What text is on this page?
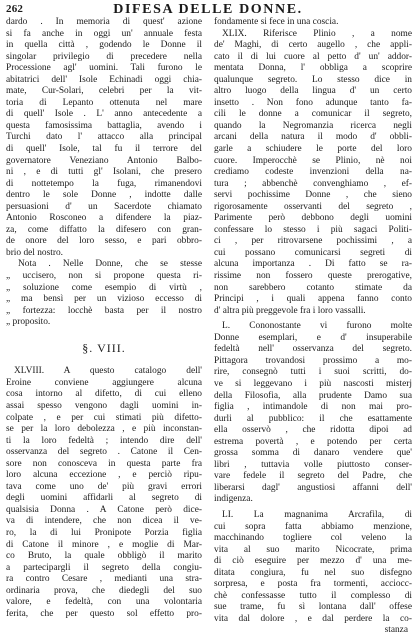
262	DIFESA DELLE DONNE.
dardo . In memoria di quest' azione
si fa anche in oggi un' annuale festa
in quella città , godendo le Donne il
singolar privilegio di precedere nella
Processione agl' uomini. Tali furono le
abitatrici dell' Isole Echinadi oggi chia-
mate, Cur-Solari, celebri per la vit-
toria di Lepanto ottenuta nel mare
di quell' Isole . L' anno antecedente a
questa famosissima battaglia, avendo i
Turchi dato l' attacco alla principal
di quell' Isole, tal fu il terrore del
governatore Veneziano Antonio Balbo-
ni , e di tutti gl' Isolani, che presero
di nottetempo la fuga, rimanendovi
dentro le sole Donne , indotte dalle
persuasioni d' un Sacerdote chiamato
Antonio Rosconeo a difendere la piaz-
za, come diffatto la difesero con gran-
de onore del loro sesso, e pari obbro-
brio del nostro.
Nota . Nelle Donne, che se stesse
„ uccisero, non si propone questa ri-
„ soluzione come esempio di virtù ,
„ ma bensì per un vizioso eccesso di
„ fortezza: locchè basta per il nostro
„ proposito.
§. VIII.
XLVIII. A questo catalogo dell'
Eroine conviene aggiungere alcuna
cosa intorno al difetto, di cui elleno
assai spesso vengono dagli uomini in-
colpate , e per cui stimati più difetto-
se per la loro debolezza , e più inconstan-
ti la loro fedeltà ; intendo dire dell'
osservanza del segreto . Catone il Cen-
sore non conosceva in questa parte fra
loro alcuna eccezione , e perciò ripu-
tava come uno de' più gravi errori
degli uomini affidarli al segreto di
qualsisia Donna . A Catone però dice-
va di intendere, che non dicea il ve-
ro, la di lui Pronipote Porzia figlia
di Catone il minore , e moglie di Mar-
co Bruto, la quale obbligò il marito
a partecipargli il segreto della congiu-
ra contro Cesare , medianti una stra-
ordinaria prova, che diedegli del suo
valore, e fedeltà, con una volontaria
ferita, che per questo sol effetto pro-
fondamente si fece in una coscia.
XLIX. Riferisce Plinio , a nome
de' Maghi, di certo augello , che appli-
cato il di lui cuore al petto d' un' addor-
mentata Donna, l' obbliga a scoprire
qualunque segreto. Lo stesso dice in
altro luogo della lingua d' un certo
insetto . Non fono adunque tanto fa-
cili le donne a comunicar il segreto,
quando la Negromanzia ricerca negli
arcani della natura il modo d' obbli-
garle a schiudere le porte del loro
cuore. Imperocchè se Plinio, nè noi
crediamo codeste invenzioni della na-
tura ; abbenchè convenghiamo , ef-
servi pochissime Donne , che sieno
rigorosamente osservanti del segreto ,
Parimente però debbono degli uomini
confessare lo stesso i più sagaci Politi-
ci , per ritrovarsene pochissimi , a
cui possano comunicarsi segreti di
alcuna importanza . Di fatto se ra-
rissime non fossero queste prerogative,
non sarebbero cotanto stimate da
Principi , i quali appena fanno conto
d' altra più preggevole fra i loro vassalli.
L. Cononostante vi furono molte
Donne esemplari, e d' insuperabile
fedeltà nell' osservanza del segreto.
Pittagora trovandosi prossimo a mo-
rire, consegnò tutti i suoi scritti, do-
ve si leggevano i più nascosti misterj
della Filosofia, alla prudente Damo sua
figlia , intimandole di non mai pro-
durli al pubblico: il che esattamente
ella osservò , che ridotta dipoi ad
estrema povertà , e potendo per certa
grossa somma di danaro vendere que'
libri , tuttavia volle piuttosto conser-
vare fedele il segreto del Padre, che
liberarsi dagl' angustiosi affanni dell'
indigenza.
LI. La magnanima Arcrafila, di
cui sopra fatta abbiamo menzione,
macchinando togliere col veleno la
vita al suo marito Nicocrate, prima
di ciò eseguire per mezzo d' una me-
ditata congiura, fu nel suo disfegno
sorpresa, e posta fra tormenti, acciocc-
chè confessasse tutto il complesso di
sue trame, fu sì lontana dall' offese
vita dal dolore , e dal perdere la co-
stanza
